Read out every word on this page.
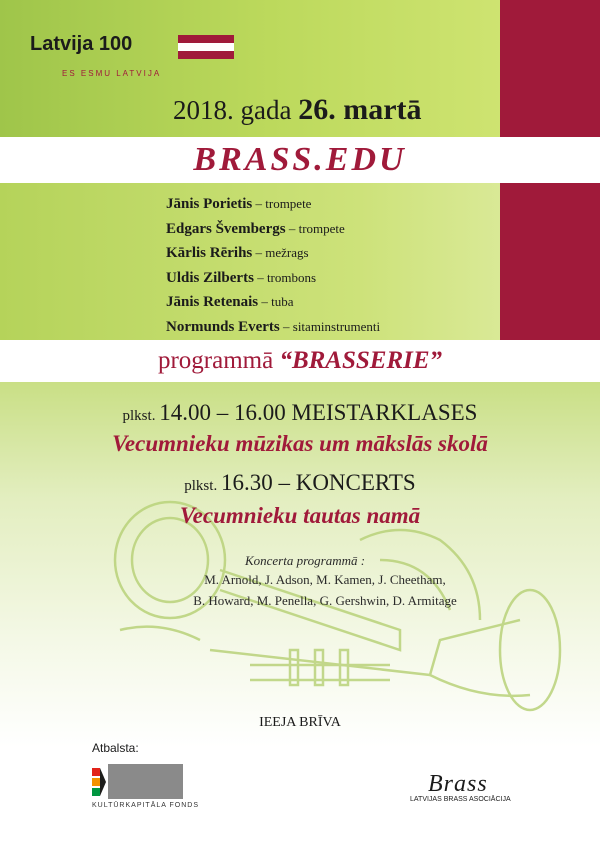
Latvija 100
ES ESMU LATVIJA
2018. gada 26. martā
BRASS.EDU
Jānis Porietis – trompete
Edgars Švembergs – trompete
Kārlis Rērihs – mežrags
Uldis Zilberts – trombons
Jānis Retenais – tuba
Normunds Everts – sitaminstrumenti
programmā “BRASSERIE”
plkst. 14.00 – 16.00 MEISTARKLASES
Vecumnieku mūzikas um mākslās skolā
plkst. 16.30 – KONCERTS
Vecumnieku tautas namā
Koncerta programmā :
M. Arnold, J. Adson, M. Kamen, J. Cheetham,
B. Howard, M. Penella, G. Gershwin, D. Armitage
IEEJA BRĪVA
Atbalsta:
KULTŪRKAPITĀLA FONDS
Brass
LATVIJAS BRASS ASOCIĀCIJA
